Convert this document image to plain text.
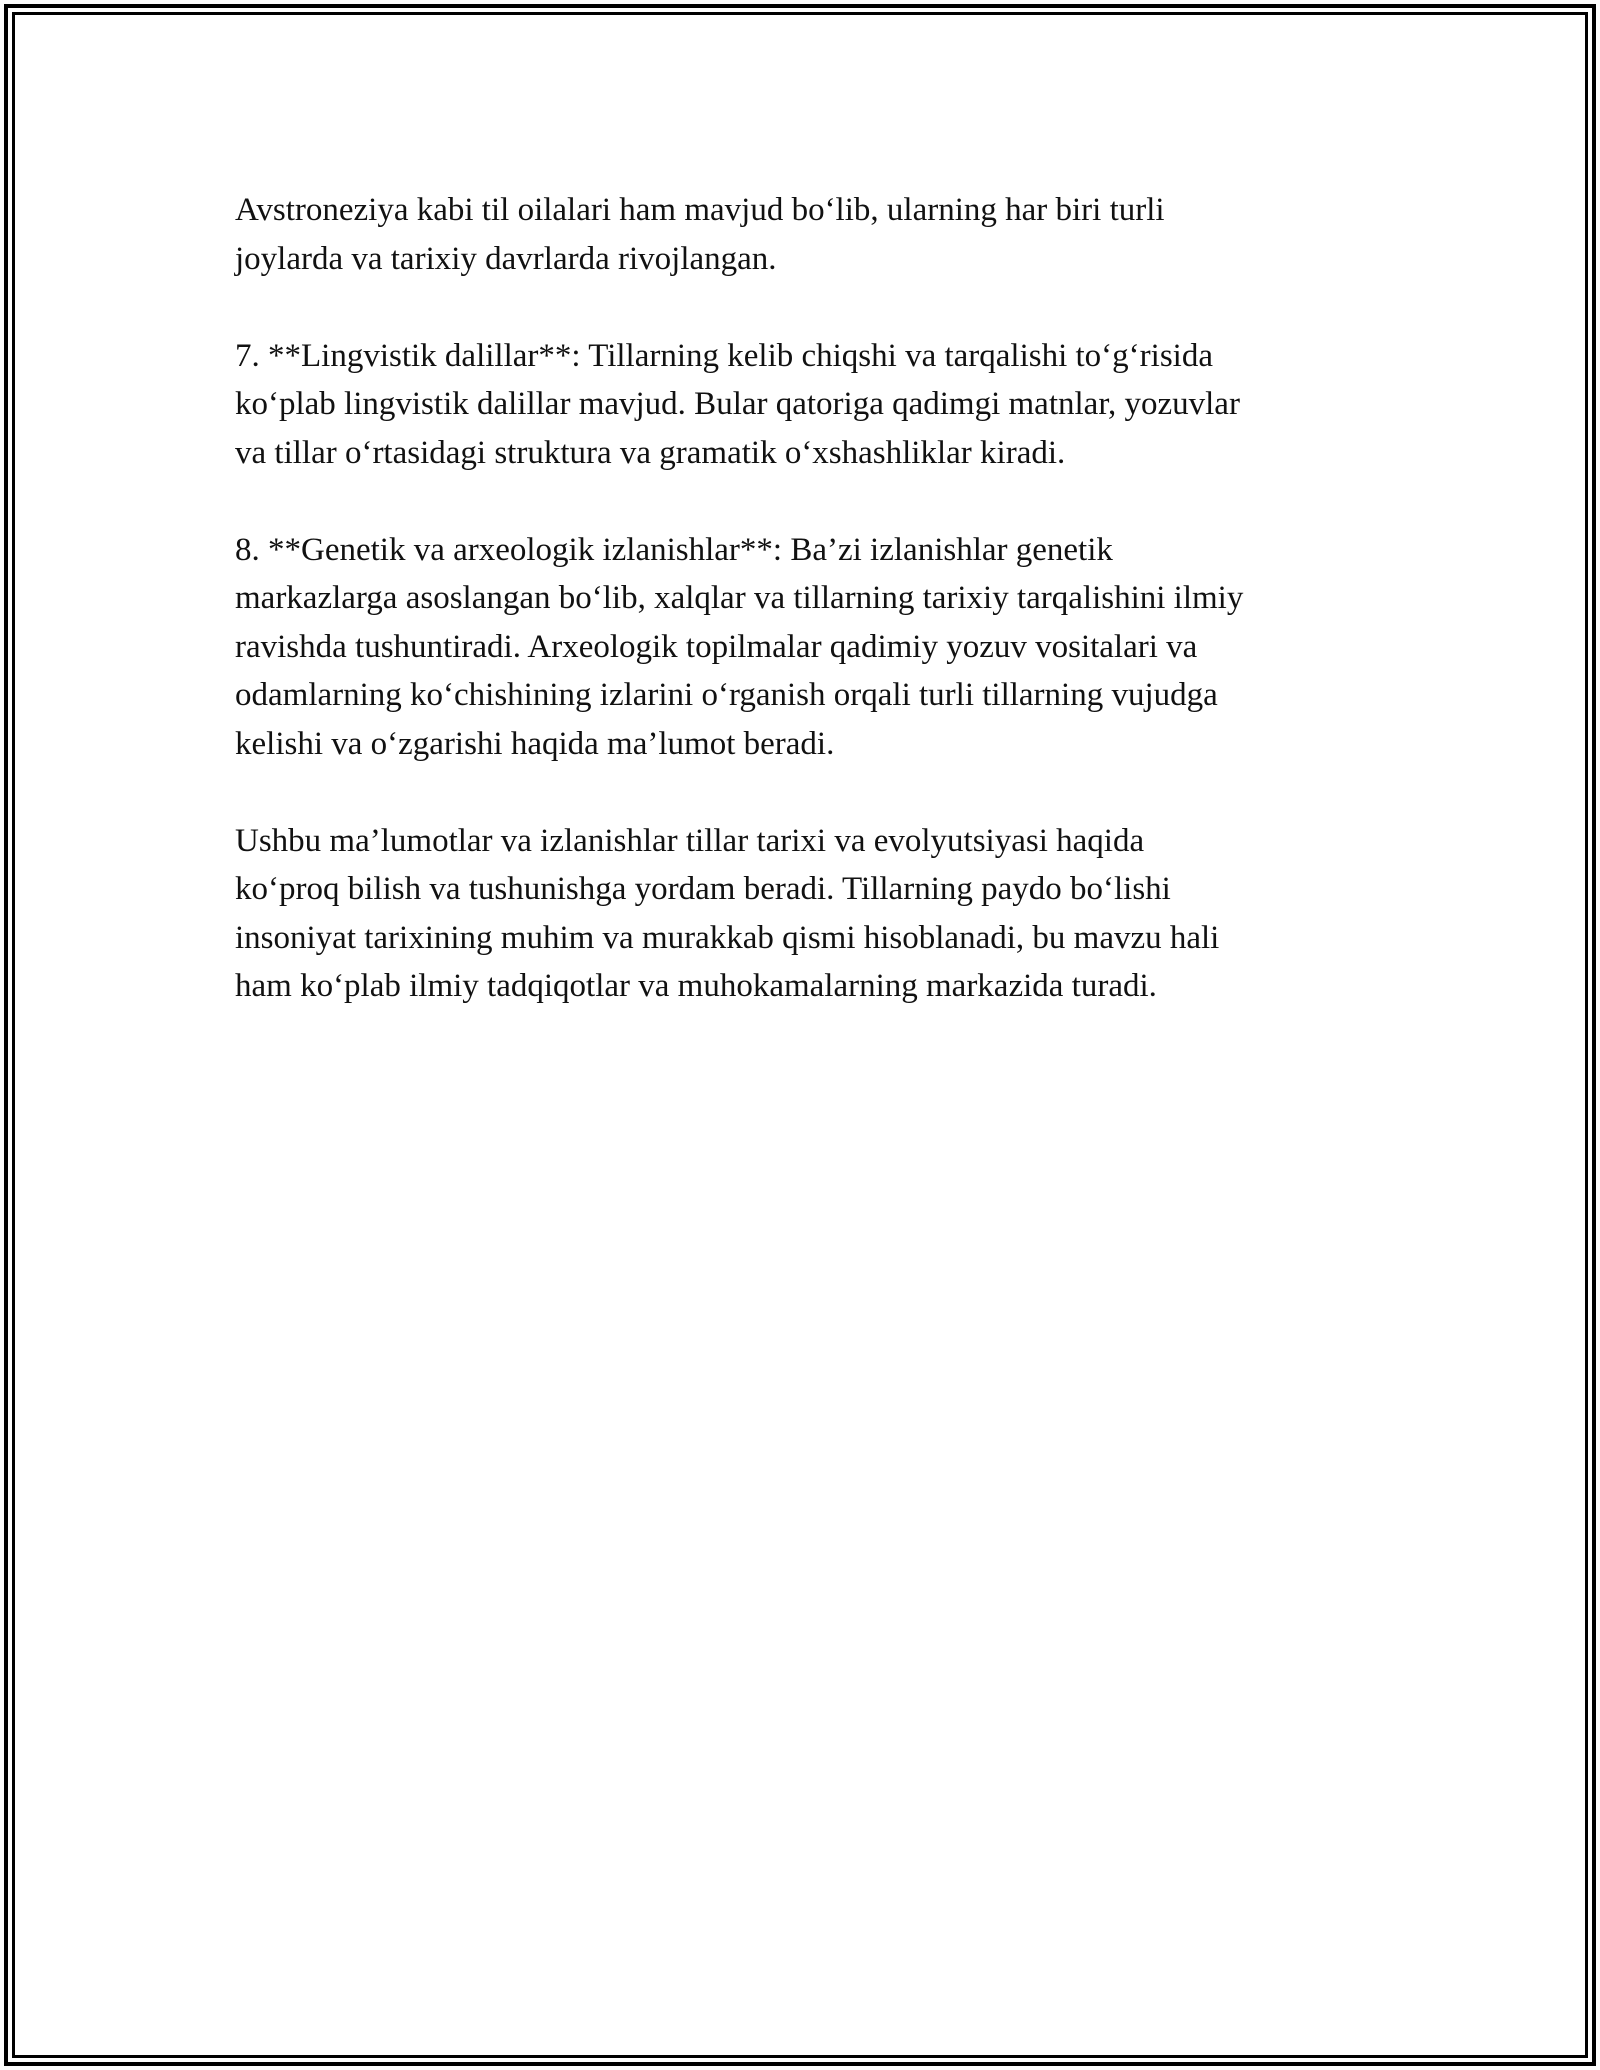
Avstroneziya kabi til oilalari ham mavjud bo‘lib, ularning har biri turli
joylarda va tarixiy davrlarda rivojlangan.

7. **Lingvistik dalillar**: Tillarning kelib chiqshi va tarqalishi to‘g‘risida
ko‘plab lingvistik dalillar mavjud. Bular qatoriga qadimgi matnlar, yozuvlar
va tillar o‘rtasidagi struktura va gramatik o‘xshashliklar kiradi.

8. **Genetik va arxeologik izlanishlar**: Ba’zi izlanishlar genetik
markazlarga asoslangan bo‘lib, xalqlar va tillarning tarixiy tarqalishini ilmiy
ravishda tushuntiradi. Arxeologik topilmalar qadimiy yozuv vositalari va
odamlarning ko‘chishining izlarini o‘rganish orqali turli tillarning vujudga
kelishi va o‘zgarishi haqida ma’lumot beradi.

Ushbu ma’lumotlar va izlanishlar tillar tarixi va evolyutsiyasi haqida
ko‘proq bilish va tushunishga yordam beradi. Tillarning paydo bo‘lishi
insoniyat tarixining muhim va murakkab qismi hisoblanadi, bu mavzu hali
ham ko‘plab ilmiy tadqiqotlar va muhokamalarning markazida turadi.
